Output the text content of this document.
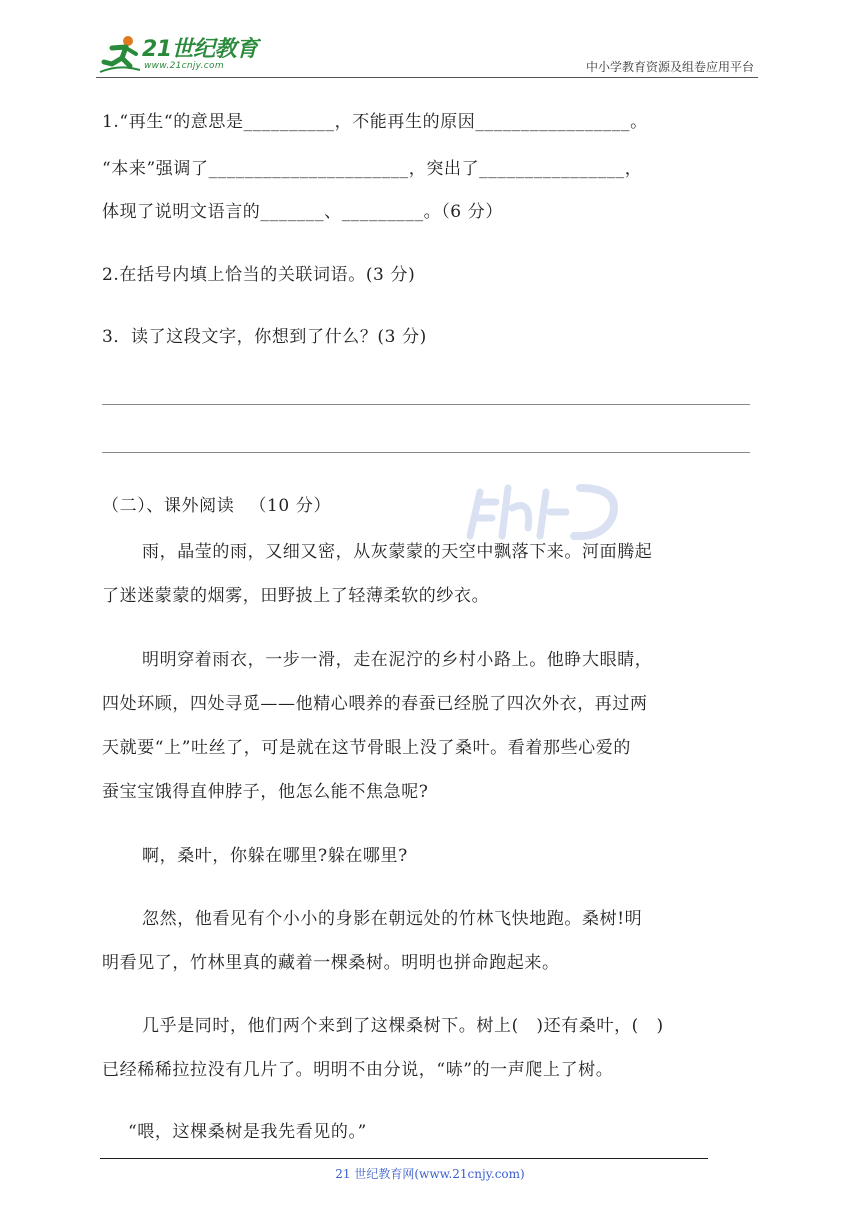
21世纪教育
www.21cnjy.com	中小学教育资源及组卷应用平台
1.“再生“的意思是__________，不能再生的原因_________________。
“本来”强调了______________________，突出了________________，
体现了说明文语言的_______、_________。（6 分）
2.在括号内填上恰当的关联词语。(3 分)
3．读了这段文字，你想到了什么？(3 分)
（二）、课外阅读 　（10 分）
雨，晶莹的雨，又细又密，从灰蒙蒙的天空中飘落下来。河面腾起
了迷迷蒙蒙的烟雾，田野披上了轻薄柔软的纱衣。
明明穿着雨衣，一步一滑，走在泥泞的乡村小路上。他睁大眼睛，
四处环顾，四处寻觅——他精心喂养的春蚕已经脱了四次外衣，再过两
天就要“上”吐丝了，可是就在这节骨眼上没了桑叶。看着那些心爱的
蚕宝宝饿得直伸脖子，他怎么能不焦急呢?
啊，桑叶，你躲在哪里?躲在哪里?
忽然，他看见有个小小的身影在朝远处的竹林飞快地跑。桑树!明
明看见了，竹林里真的藏着一棵桑树。明明也拼命跑起来。
几乎是同时，他们两个来到了这棵桑树下。树上(　)还有桑叶，(　)
已经稀稀拉拉没有几片了。明明不由分说，“哧”的一声爬上了树。
“喂，这棵桑树是我先看见的。”
21 世纪教育网(www.21cnjy.com)
